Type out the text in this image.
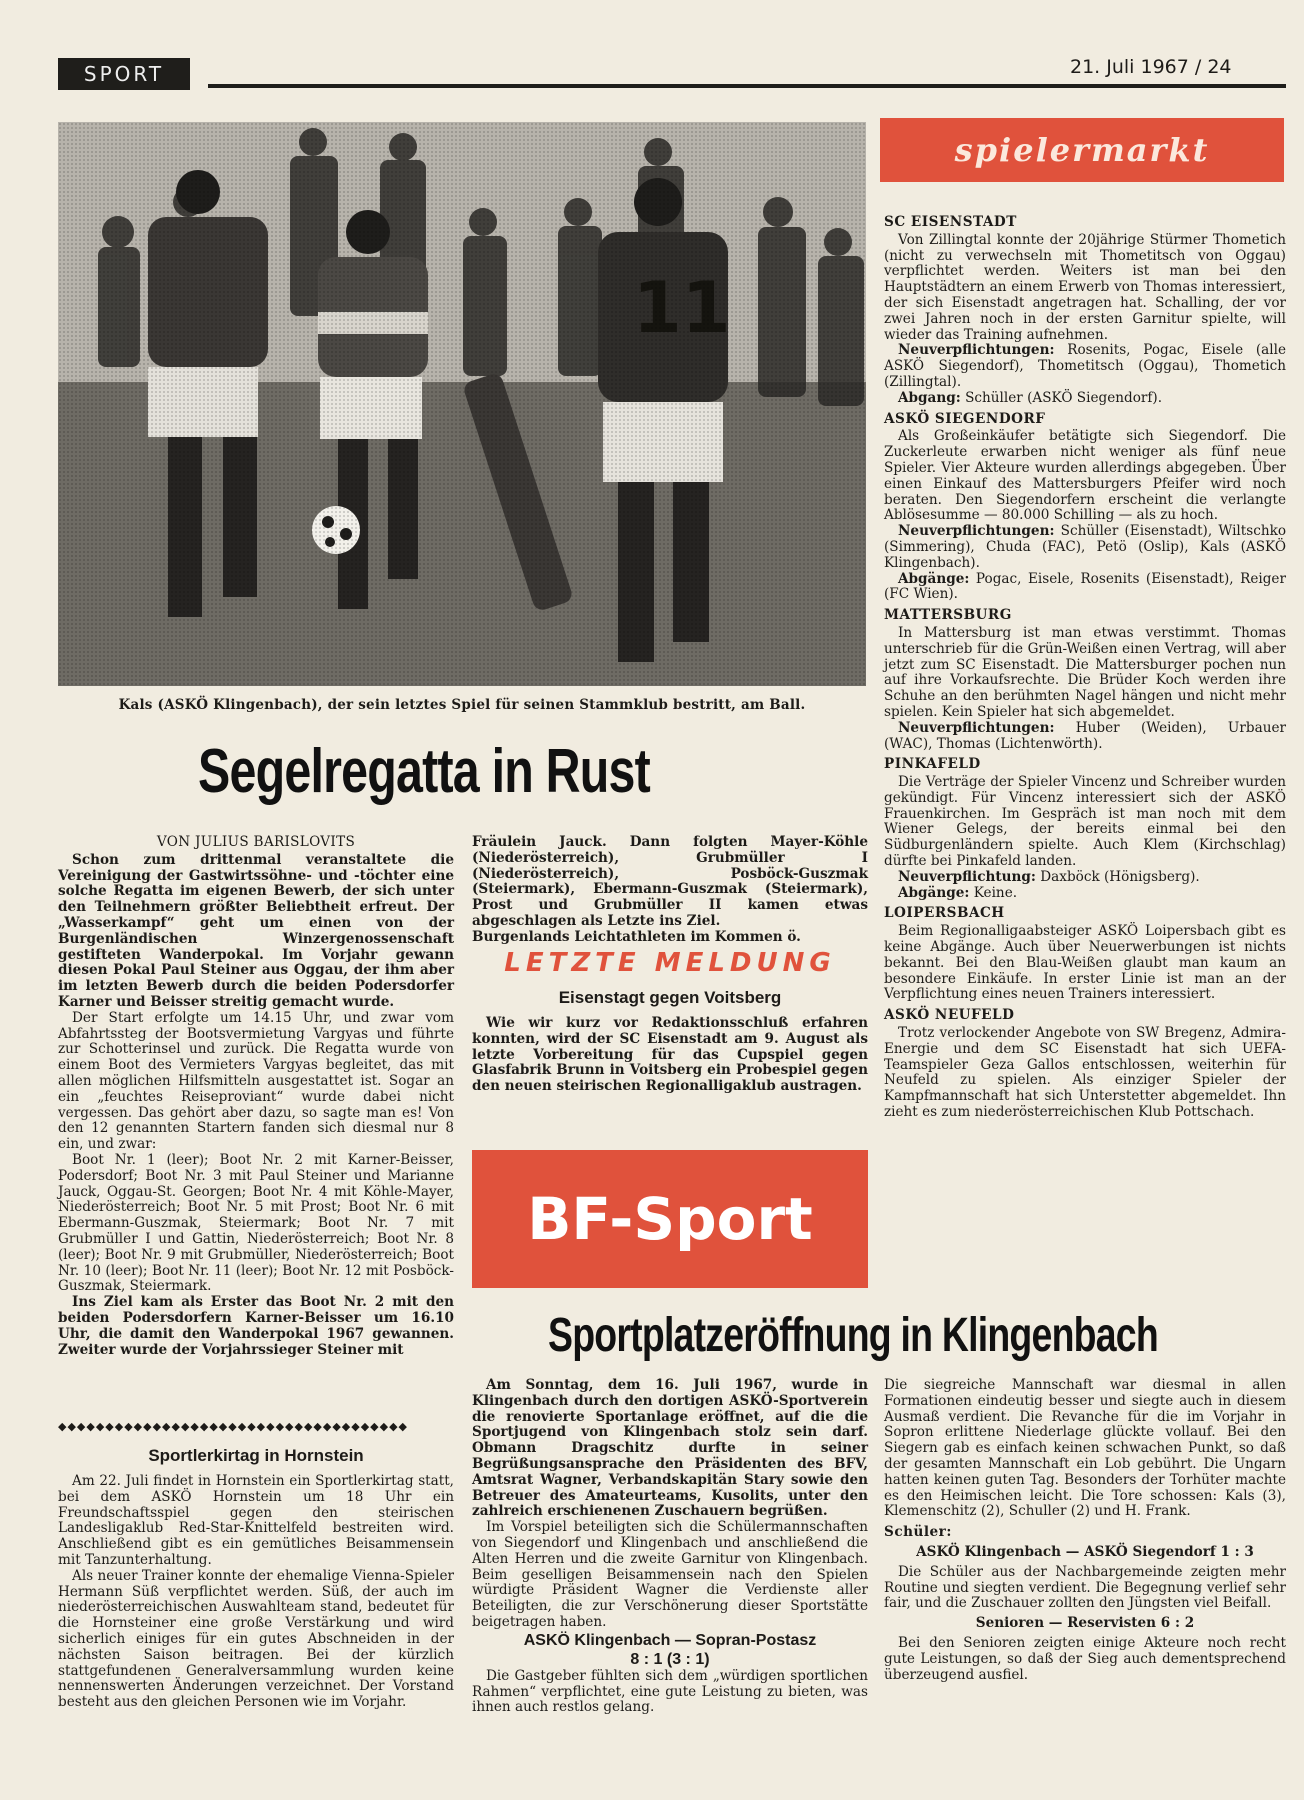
SPORT	21. Juli 1967 / 24
Kals (ASKÖ Klingenbach), der sein letztes Spiel für seinen Stammklub bestritt, am Ball.
Segelregatta in Rust
VON JULIUS BARISLOVITS

Schon zum drittenmal veranstaltete die Vereinigung der Gastwirtssöhne- und -töchter eine solche Regatta im eigenen Bewerb, der sich unter den Teilnehmern größter Beliebtheit erfreut. Der „Wasserkampf“ geht um einen von der Burgenländischen Winzergenossenschaft gestifteten Wanderpokal. Im Vorjahr gewann diesen Pokal Paul Steiner aus Oggau, der ihm aber im letzten Bewerb durch die beiden Podersdorfer Karner und Beisser streitig gemacht wurde.

Der Start erfolgte um 14.15 Uhr, und zwar vom Abfahrtssteg der Bootsvermietung Vargyas und führte zur Schotterinsel und zurück. Die Regatta wurde von einem Boot des Vermieters Vargyas begleitet, das mit allen möglichen Hilfsmitteln ausgestattet ist. Sogar an ein „feuchtes Reiseproviant“ wurde dabei nicht vergessen. Das gehört aber dazu, so sagte man es! Von den 12 genannten Startern fanden sich diesmal nur 8 ein, und zwar:

Boot Nr. 1 (leer); Boot Nr. 2 mit Karner-Beisser, Podersdorf; Boot Nr. 3 mit Paul Steiner und Marianne Jauck, Oggau-St. Georgen; Boot Nr. 4 mit Köhle-Mayer, Niederösterreich; Boot Nr. 5 mit Prost; Boot Nr. 6 mit Ebermann-Guszmak, Steiermark; Boot Nr. 7 mit Grubmüller I und Gattin, Niederösterreich; Boot Nr. 8 (leer); Boot Nr. 9 mit Grubmüller, Niederösterreich; Boot Nr. 10 (leer); Boot Nr. 11 (leer); Boot Nr. 12 mit Posböck-Guszmak, Steiermark.

Ins Ziel kam als Erster das Boot Nr. 2 mit den beiden Podersdorfern Karner-Beisser um 16.10 Uhr, die damit den Wanderpokal 1967 gewannen. Zweiter wurde der Vorjahrssieger Steiner mit

Fräulein Jauck. Dann folgten Mayer-Köhle (Niederösterreich), Grubmüller I (Niederösterreich), Posböck-Guszmak (Steiermark), Ebermann-Guszmak (Steiermark), Prost und Grubmüller II kamen etwas abgeschlagen als Letzte ins Ziel.

Burgenlands Leichtathleten im Kommen ö.

LETZTE MELDUNG
Eisenstagt gegen Voitsberg

Wie wir kurz vor Redaktionsschluß erfahren konnten, wird der SC Eisenstadt am 9. August als letzte Vorbereitung für das Cupspiel gegen Glasfabrik Brunn in Voitsberg ein Probespiel gegen den neuen steirischen Regionalligaklub austragen.

BF-Sport
spielermarkt
SC EISENSTADT

Von Zillingtal konnte der 20jährige Stürmer Thometich (nicht zu verwechseln mit Thometitsch von Oggau) verpflichtet werden. Weiters ist man bei den Hauptstädtern an einem Erwerb von Thomas interessiert, der sich Eisenstadt angetragen hat. Schalling, der vor zwei Jahren noch in der ersten Garnitur spielte, will wieder das Training aufnehmen.

Neuverpflichtungen: Rosenits, Pogac, Eisele (alle ASKÖ Siegendorf), Thometitsch (Oggau), Thometich (Zillingtal).

Abgang: Schüller (ASKÖ Siegendorf).

ASKÖ SIEGENDORF

Als Großeinkäufer betätigte sich Siegendorf. Die Zuckerleute erwarben nicht weniger als fünf neue Spieler. Vier Akteure wurden allerdings abgegeben. Über einen Einkauf des Mattersburgers Pfeifer wird noch beraten. Den Siegendorfern erscheint die verlangte Ablösesumme — 80.000 Schilling — als zu hoch.

Neuverpflichtungen: Schüller (Eisenstadt), Wiltschko (Simmering), Chuda (FAC), Petö (Oslip), Kals (ASKÖ Klingenbach).

Abgänge: Pogac, Eisele, Rosenits (Eisenstadt), Reiger (FC Wien).

MATTERSBURG

In Mattersburg ist man etwas verstimmt. Thomas unterschrieb für die Grün-Weißen einen Vertrag, will aber jetzt zum SC Eisenstadt. Die Mattersburger pochen nun auf ihre Vorkaufsrechte. Die Brüder Koch werden ihre Schuhe an den berühmten Nagel hängen und nicht mehr spielen. Kein Spieler hat sich abgemeldet.

Neuverpflichtungen: Huber (Weiden), Urbauer (WAC), Thomas (Lichtenwörth).

PINKAFELD

Die Verträge der Spieler Vincenz und Schreiber wurden gekündigt. Für Vincenz interessiert sich der ASKÖ Frauenkirchen. Im Gespräch ist man noch mit dem Wiener Gelegs, der bereits einmal bei den Südburgenländern spielte. Auch Klem (Kirchschlag) dürfte bei Pinkafeld landen.

Neuverpflichtung: Daxböck (Hönigsberg).

Abgänge: Keine.

LOIPERSBACH

Beim Regionalligaabsteiger ASKÖ Loipersbach gibt es keine Abgänge. Auch über Neuerwerbungen ist nichts bekannt. Bei den Blau-Weißen glaubt man kaum an besondere Einkäufe. In erster Linie ist man an der Verpflichtung eines neuen Trainers interessiert.

ASKÖ NEUFELD

Trotz verlockender Angebote von SW Bregenz, Admira-Energie und dem SC Eisenstadt hat sich UEFA-Teamspieler Geza Gallos entschlossen, weiterhin für Neufeld zu spielen. Als einziger Spieler der Kampfmannschaft hat sich Unterstetter abgemeldet. Ihn zieht es zum niederösterreichischen Klub Pottschach.

◆◆◆◆◆◆◆◆◆◆◆◆◆◆◆◆◆◆◆◆◆◆◆◆◆◆◆◆◆◆◆◆◆◆◆◆◆
Sportlerkirtag in Hornstein

Am 22. Juli findet in Hornstein ein Sportlerkirtag statt, bei dem ASKÖ Hornstein um 18 Uhr ein Freundschaftsspiel gegen den steirischen Landesligaklub Red-Star-Knittelfeld bestreiten wird. Anschließend gibt es ein gemütliches Beisammensein mit Tanzunterhaltung.

Als neuer Trainer konnte der ehemalige Vienna-Spieler Hermann Süß verpflichtet werden. Süß, der auch im niederösterreichischen Auswahlteam stand, bedeutet für die Hornsteiner eine große Verstärkung und wird sicherlich einiges für ein gutes Abschneiden in der nächsten Saison beitragen. Bei der kürzlich stattgefundenen Generalversammlung wurden keine nennenswerten Änderungen verzeichnet. Der Vorstand besteht aus den gleichen Personen wie im Vorjahr.

Sportplatzeröffnung in Klingenbach

Am Sonntag, dem 16. Juli 1967, wurde in Klingenbach durch den dortigen ASKÖ-Sportverein die renovierte Sportanlage eröffnet, auf die die Sportjugend von Klingenbach stolz sein darf. Obmann Dragschitz durfte in seiner Begrüßungsansprache den Präsidenten des BFV, Amtsrat Wagner, Verbandskapitän Stary sowie den Betreuer des Amateurteams, Kusolits, unter den zahlreich erschienenen Zuschauern begrüßen.

Im Vorspiel beteiligten sich die Schülermannschaften von Siegendorf und Klingenbach und anschließend die Alten Herren und die zweite Garnitur von Klingenbach. Beim geselligen Beisammensein nach den Spielen würdigte Präsident Wagner die Verdienste aller Beteiligten, die zur Verschönerung dieser Sportstätte beigetragen haben.

ASKÖ Klingenbach — Sopran-Postasz
8 : 1 (3 : 1)

Die Gastgeber fühlten sich dem „würdigen sportlichen Rahmen“ verpflichtet, eine gute Leistung zu bieten, was ihnen auch restlos gelang.

Die siegreiche Mannschaft war diesmal in allen Formationen eindeutig besser und siegte auch in diesem Ausmaß verdient. Die Revanche für die im Vorjahr in Sopron erlittene Niederlage glückte vollauf. Bei den Siegern gab es einfach keinen schwachen Punkt, so daß der gesamten Mannschaft ein Lob gebührt. Die Ungarn hatten keinen guten Tag. Besonders der Torhüter machte es den Heimischen leicht. Die Tore schossen: Kals (3), Klemenschitz (2), Schuller (2) und H. Frank.

Schüler:
ASKÖ Klingenbach — ASKÖ Siegendorf 1 : 3

Die Schüler aus der Nachbargemeinde zeigten mehr Routine und siegten verdient. Die Begegnung verlief sehr fair, und die Zuschauer zollten den Jüngsten viel Beifall.

Senioren — Reservisten 6 : 2

Bei den Senioren zeigten einige Akteure noch recht gute Leistungen, so daß der Sieg auch dementsprechend überzeugend ausfiel.
